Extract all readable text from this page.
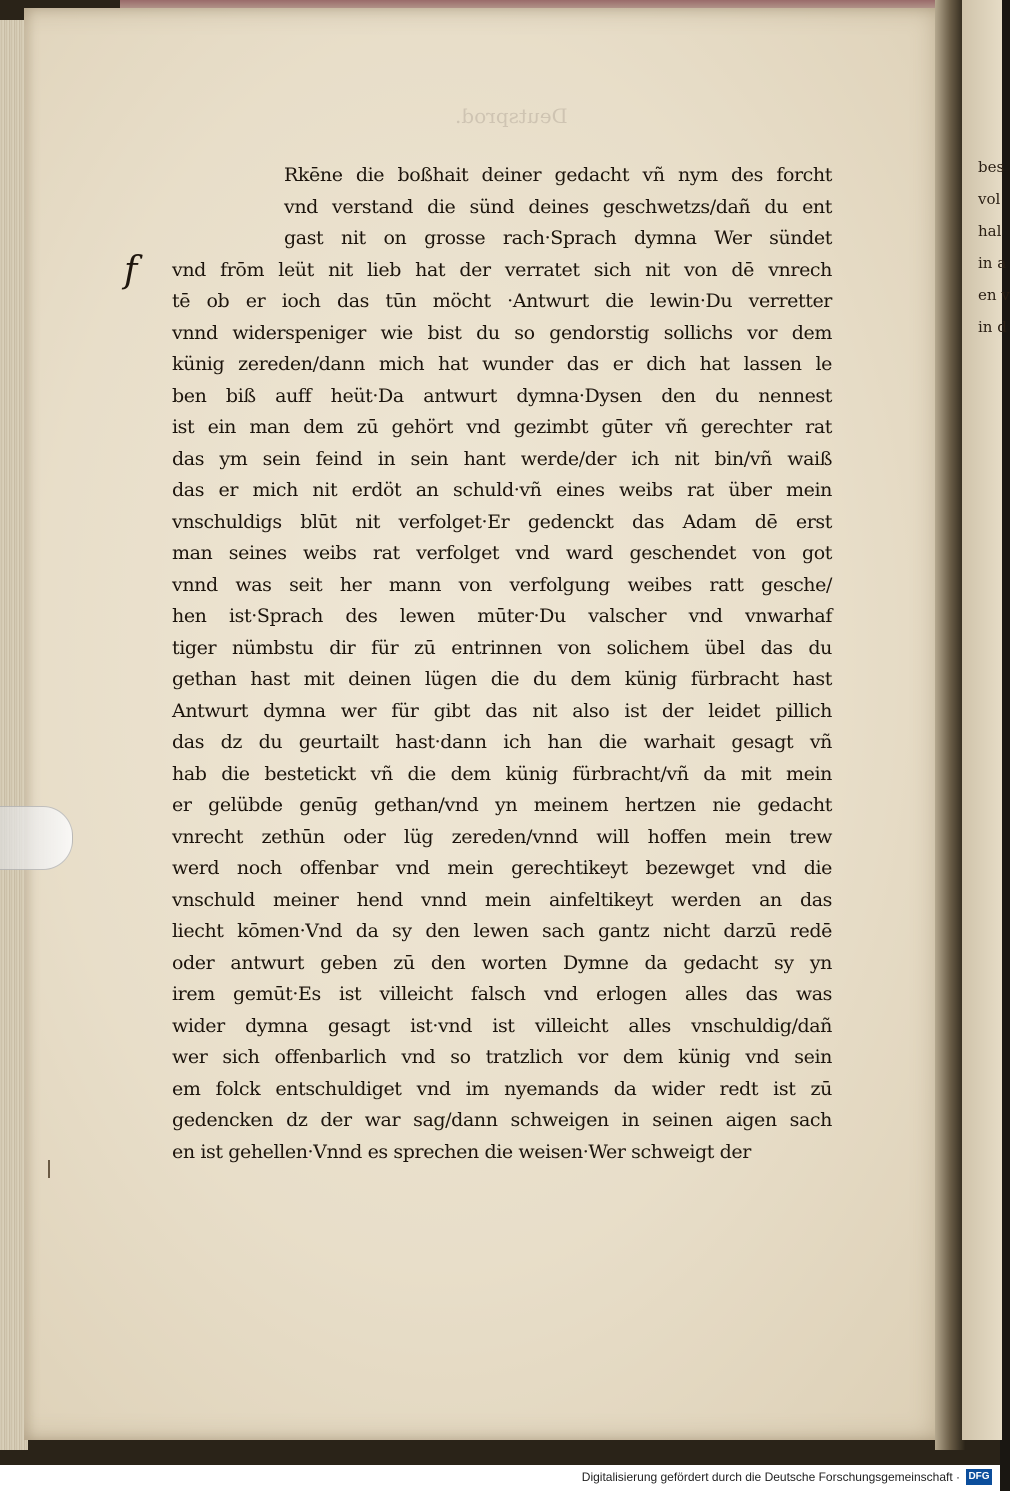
bes
vol
hal
in a
en v
in d
Deutsprod.
f
Rkēne die boßhait deiner gedacht vñ nym des forcht
vnd verstand die sünd deines geschwetzs/dañ du ent
gast nit on grosse rach·Sprach dymna Wer sündet
vnd frōm leüt nit lieb hat der verratet sich nit von dē vnrech
tē ob er ioch das tūn möcht ·Antwurt die lewin·Du verretter
vnnd widerspeniger wie bist du so gendorstig sollichs vor dem
künig zereden/dann mich hat wunder das er dich hat lassen le
ben biß auff heüt·Da antwurt dymna·Dysen den du nennest
ist ein man dem zū gehört vnd gezimbt gūter vñ gerechter rat
das ym sein feind in sein hant werde/der ich nit bin/vñ waiß
das er mich nit erdöt an schuld·vñ eines weibs rat über mein
vnschuldigs blūt nit verfolget·Er gedenckt das Adam dē erst
man seines weibs rat verfolget vnd ward geschendet von got
vnnd was seit her mann von verfolgung weibes ratt gesche/
hen ist·Sprach des lewen mūter·Du valscher vnd vnwarhaf
tiger nümbstu dir für zū entrinnen von solichem übel das du
gethan hast mit deinen lügen die du dem künig fürbracht hast
Antwurt dymna wer für gibt das nit also ist der leidet pillich
das dz du geurtailt hast·dann ich han die warhait gesagt vñ
hab die bestetickt vñ die dem künig fürbracht/vñ da mit mein
er gelübde genūg gethan/vnd yn meinem hertzen nie gedacht
vnrecht zethūn oder lüg zereden/vnnd will hoffen mein trew
werd noch offenbar vnd mein gerechtikeyt bezewget vnd die
vnschuld meiner hend vnnd mein ainfeltikeyt werden an das
liecht kōmen·Vnd da sy den lewen sach gantz nicht darzū redē
oder antwurt geben zū den worten Dymne da gedacht sy yn
irem gemūt·Es ist villeicht falsch vnd erlogen alles das was
wider dymna gesagt ist·vnd ist villeicht alles vnschuldig/dañ
wer sich offenbarlich vnd so tratzlich vor dem künig vnd sein
em folck entschuldiget vnd im nyemands da wider redt ist zū
gedencken dz der war sag/dann schweigen in seinen aigen sach
en ist gehellen·Vnnd es sprechen die weisen·Wer schweigt der
Digitalisierung gefördert durch die Deutsche Forschungsgemeinschaft · DFG
